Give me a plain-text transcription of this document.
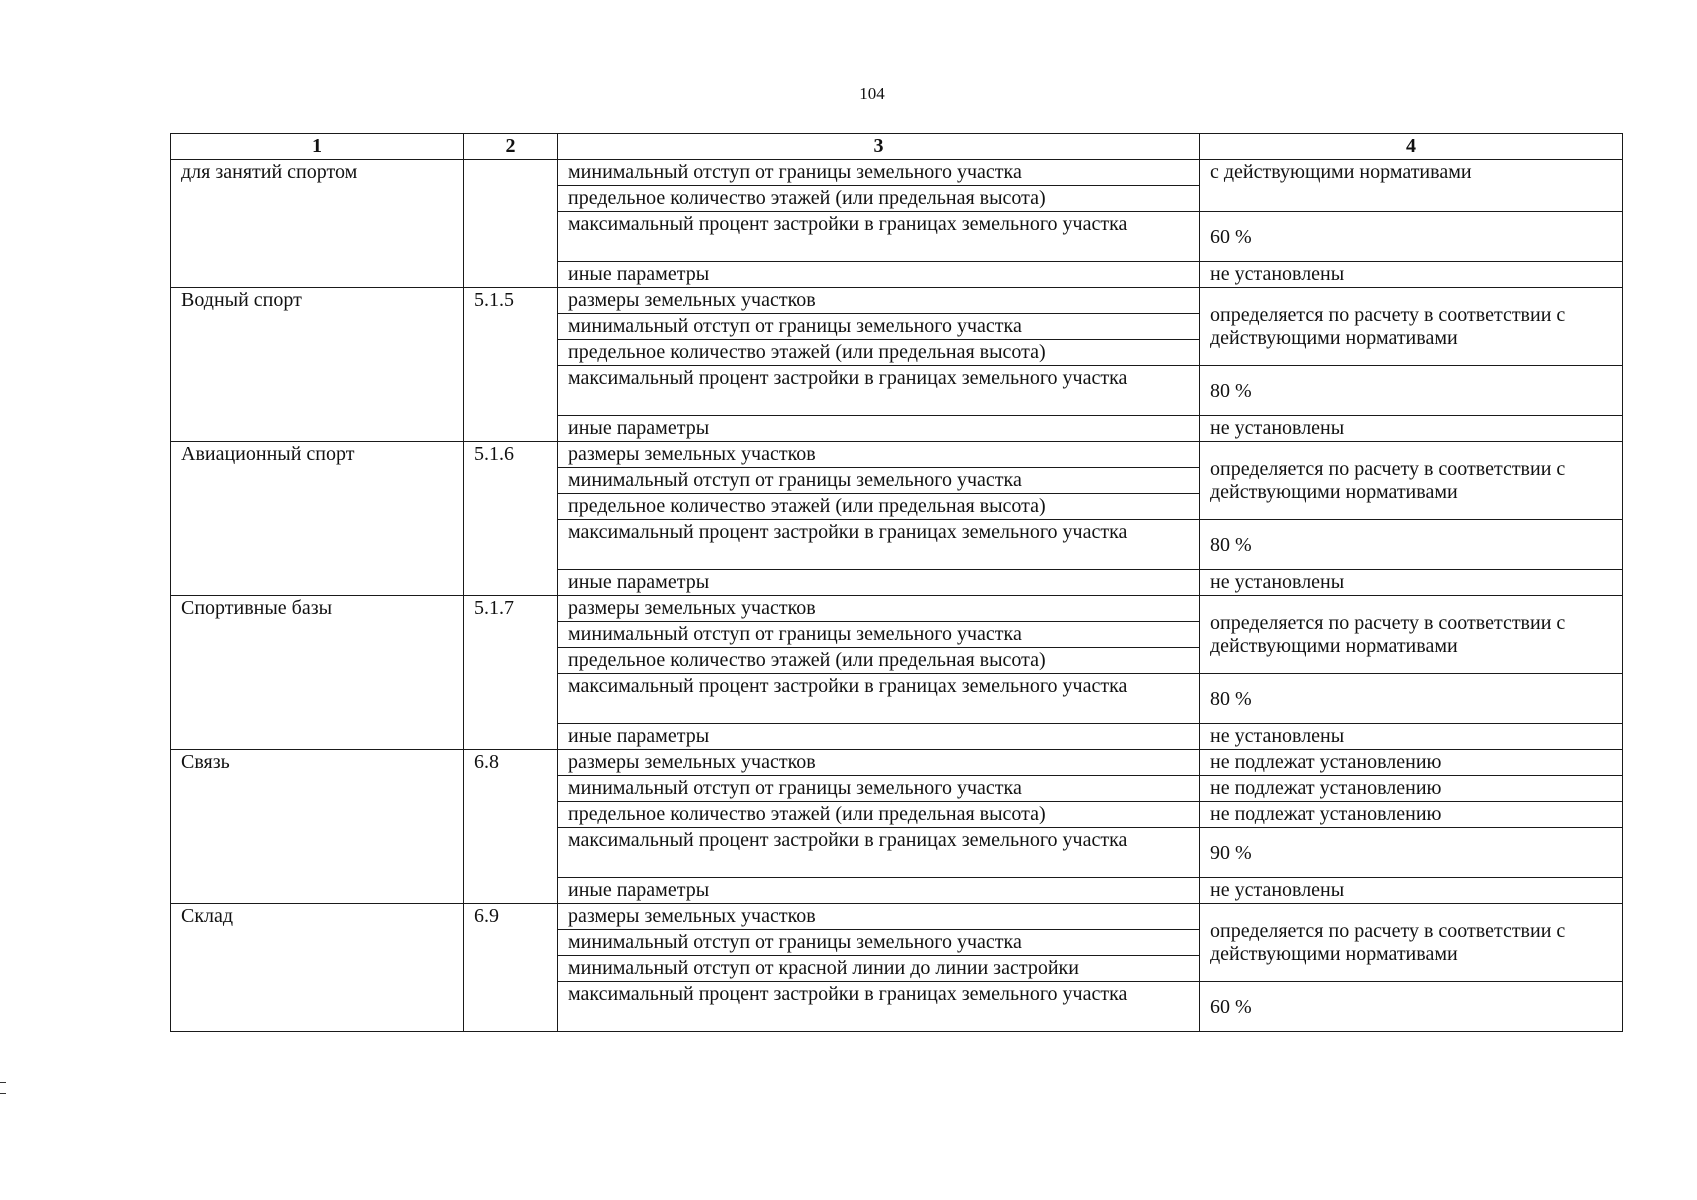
104
1	2	3	4
для занятий спортом		минимальный отступ от границы земельного участка	с действующими нормативами
		предельное количество этажей (или предельная высота)	
		максимальный процент застройки в границах земельного участка	60 %
		иные параметры	не установлены
Водный спорт	5.1.5	размеры земельных участков	определяется по расчету в соответствии с действующими нормативами
		минимальный отступ от границы земельного участка	
		предельное количество этажей (или предельная высота)	
		максимальный процент застройки в границах земельного участка	80 %
		иные параметры	не установлены
Авиационный спорт	5.1.6	размеры земельных участков	определяется по расчету в соответствии с действующими нормативами
		минимальный отступ от границы земельного участка	
		предельное количество этажей (или предельная высота)	
		максимальный процент застройки в границах земельного участка	80 %
		иные параметры	не установлены
Спортивные базы	5.1.7	размеры земельных участков	определяется по расчету в соответствии с действующими нормативами
		минимальный отступ от границы земельного участка	
		предельное количество этажей (или предельная высота)	
		максимальный процент застройки в границах земельного участка	80 %
		иные параметры	не установлены
Связь	6.8	размеры земельных участков	не подлежат установлению
		минимальный отступ от границы земельного участка	не подлежат установлению
		предельное количество этажей (или предельная высота)	не подлежат установлению
		максимальный процент застройки в границах земельного участка	90 %
		иные параметры	не установлены
Склад	6.9	размеры земельных участков	определяется по расчету в соответствии с действующими нормативами
		минимальный отступ от границы земельного участка	
		минимальный отступ от красной линии до линии застройки	
		максимальный процент застройки в границах земельного участка	60 %
